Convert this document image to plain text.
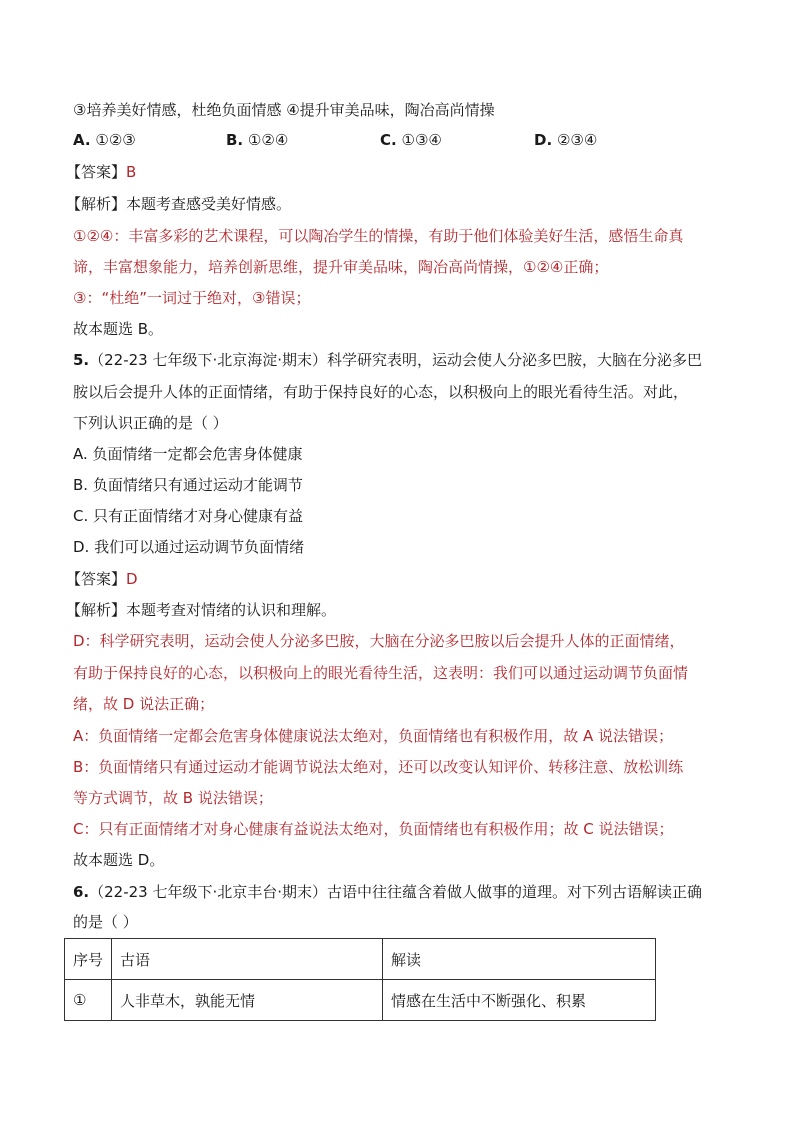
③培养美好情感，杜绝负面情感 ④提升审美品味，陶冶高尚情操
A. ①②③	B. ①②④	C. ①③④	D. ②③④
【答案】B
【解析】本题考查感受美好情感。
①②④：丰富多彩的艺术课程，可以陶冶学生的情操，有助于他们体验美好生活，感悟生命真
谛，丰富想象能力，培养创新思维，提升审美品味，陶冶高尚情操，①②④正确；
③：“杜绝”一词过于绝对，③错误；
故本题选 B。
5.（22-23 七年级下·北京海淀·期末）科学研究表明，运动会使人分泌多巴胺，大脑在分泌多巴
胺以后会提升人体的正面情绪，有助于保持良好的心态，以积极向上的眼光看待生活。对此，
下列认识正确的是（ ）
A. 负面情绪一定都会危害身体健康
B. 负面情绪只有通过运动才能调节
C. 只有正面情绪才对身心健康有益
D. 我们可以通过运动调节负面情绪
【答案】D
【解析】本题考查对情绪的认识和理解。
D：科学研究表明，运动会使人分泌多巴胺，大脑在分泌多巴胺以后会提升人体的正面情绪，
有助于保持良好的心态，以积极向上的眼光看待生活，这表明：我们可以通过运动调节负面情
绪，故 D 说法正确；
A：负面情绪一定都会危害身体健康说法太绝对，负面情绪也有积极作用，故 A 说法错误；
B：负面情绪只有通过运动才能调节说法太绝对，还可以改变认知评价、转移注意、放松训练
等方式调节，故 B 说法错误；
C：只有正面情绪才对身心健康有益说法太绝对，负面情绪也有积极作用；故 C 说法错误；
故本题选 D。
6.（22-23 七年级下·北京丰台·期末）古语中往往蕴含着做人做事的道理。对下列古语解读正确
的是（ ）
序号	古语	解读
①	人非草木，孰能无情	情感在生活中不断强化、积累
